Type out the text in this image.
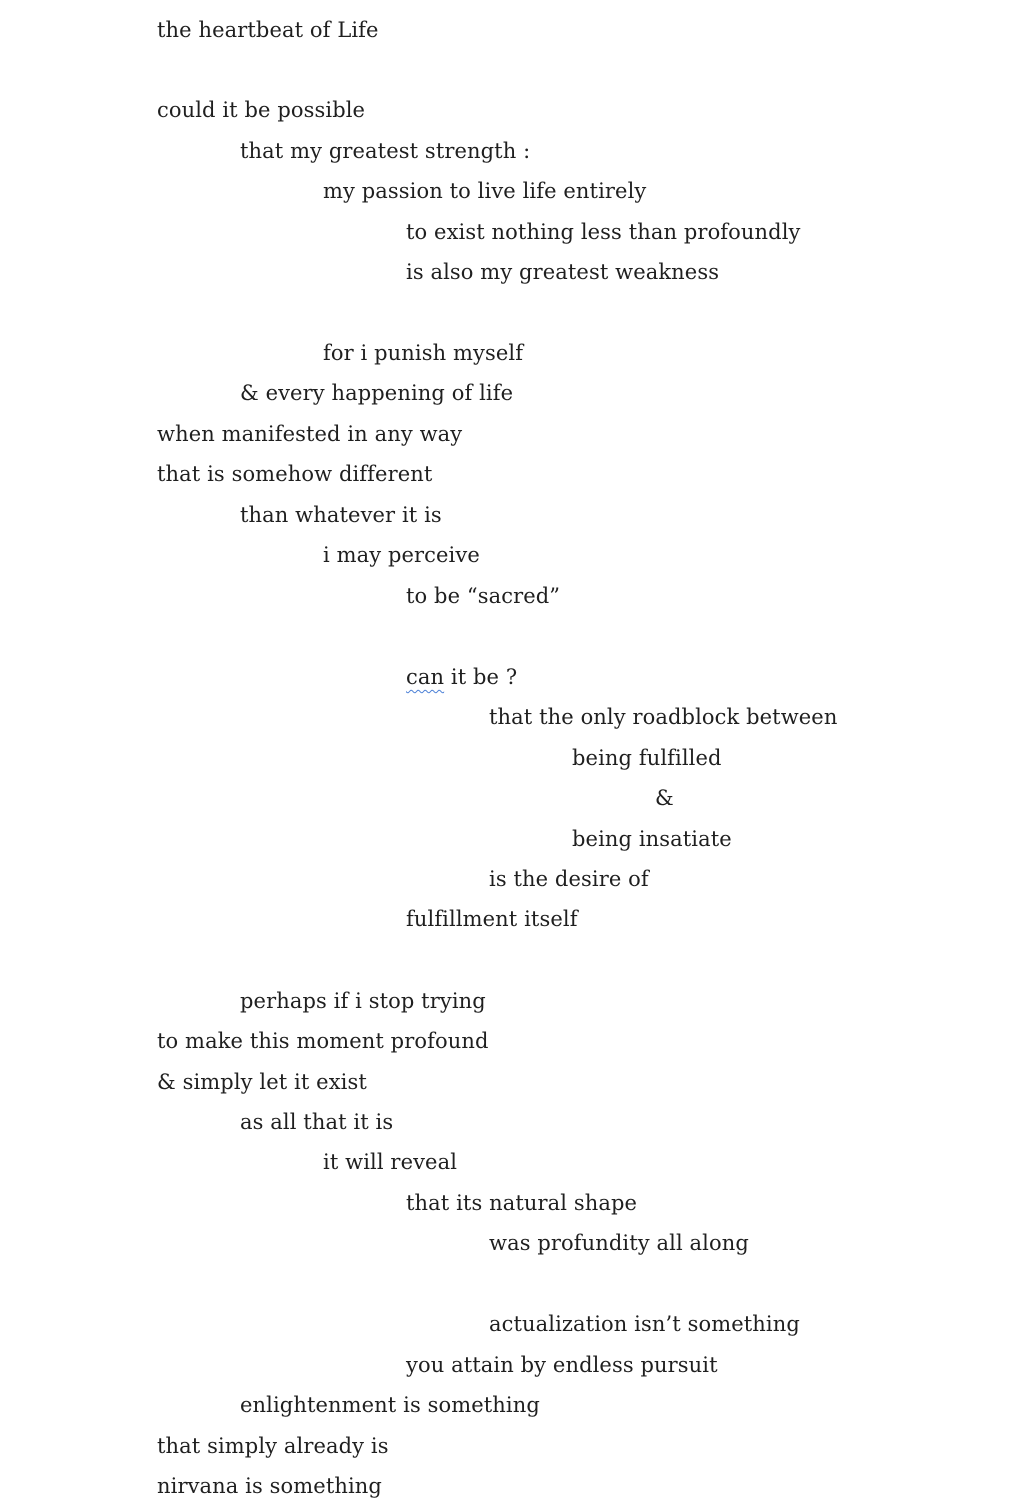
the heartbeat of Life
could it be possible
that my greatest strength :
my passion to live life entirely
to exist nothing less than profoundly
is also my greatest weakness
for i punish myself
& every happening of life
when manifested in any way
that is somehow different
than whatever it is
i may perceive
to be “sacred”
can it be ?
that the only roadblock between
being fulfilled
&
being insatiate
is the desire of
fulfillment itself
perhaps if i stop trying
to make this moment profound
& simply let it exist
as all that it is
it will reveal
that its natural shape
was profundity all along
actualization isn’t something
you attain by endless pursuit
enlightenment is something
that simply already is
nirvana is something
